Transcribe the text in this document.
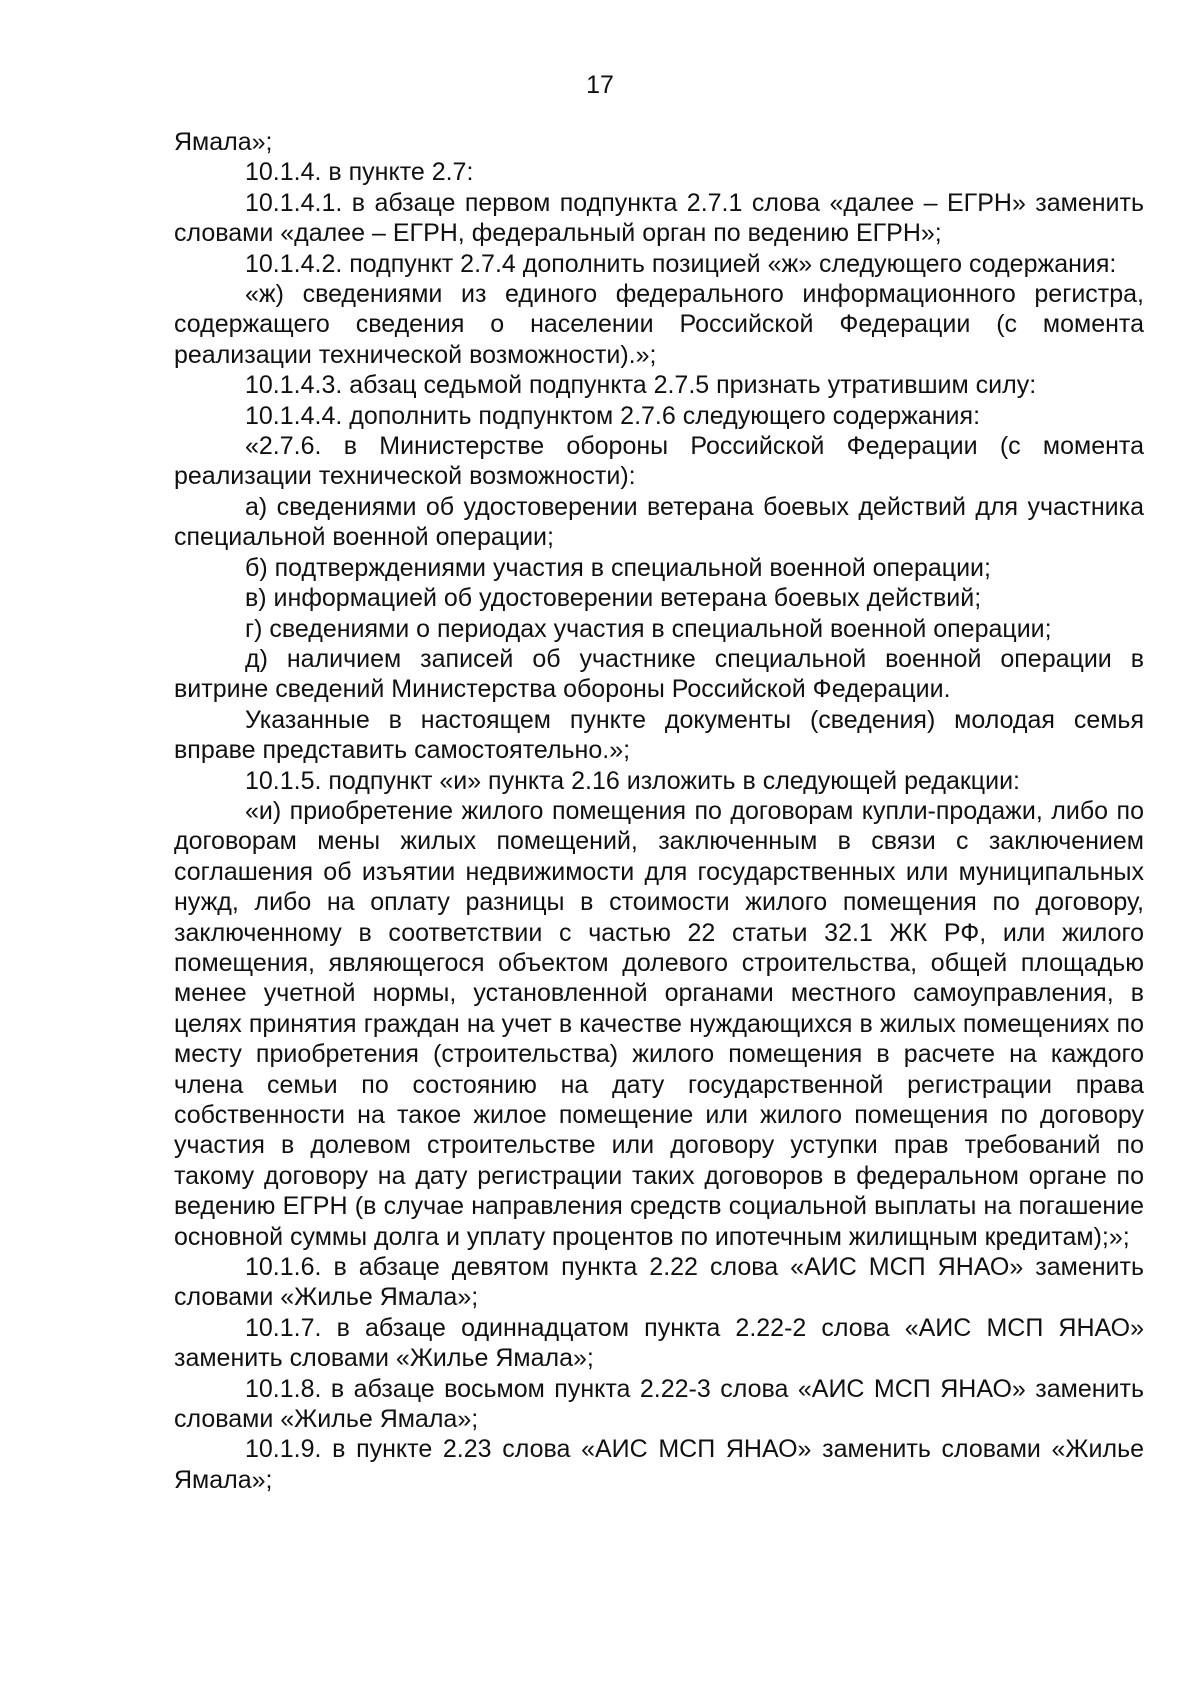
17

Ямала»;

10.1.4. в пункте 2.7:

10.1.4.1. в абзаце первом подпункта 2.7.1 слова «далее – ЕГРН» заменить словами «далее – ЕГРН, федеральный орган по ведению ЕГРН»;

10.1.4.2. подпункт 2.7.4 дополнить позицией «ж» следующего содержания:

«ж) сведениями из единого федерального информационного регистра, содержащего сведения о населении Российской Федерации (с момента реализации технической возможности).»;

10.1.4.3. абзац седьмой подпункта 2.7.5 признать утратившим силу:

10.1.4.4. дополнить подпунктом 2.7.6 следующего содержания:

«2.7.6. в Министерстве обороны Российской Федерации (с момента реализации технической возможности):

а) сведениями об удостоверении ветерана боевых действий для участника специальной военной операции;

б) подтверждениями участия в специальной военной операции;

в) информацией об удостоверении ветерана боевых действий;

г) сведениями о периодах участия в специальной военной операции;

д) наличием записей об участнике специальной военной операции в витрине сведений Министерства обороны Российской Федерации.

Указанные в настоящем пункте документы (сведения) молодая семья вправе представить самостоятельно.»;

10.1.5. подпункт «и» пункта 2.16 изложить в следующей редакции:

«и) приобретение жилого помещения по договорам купли-продажи, либо по договорам мены жилых помещений, заключенным в связи с заключением соглашения об изъятии недвижимости для государственных или муниципальных нужд, либо на оплату разницы в стоимости жилого помещения по договору, заключенному в соответствии с частью 22 статьи 32.1 ЖК РФ, или жилого помещения, являющегося объектом долевого строительства, общей площадью менее учетной нормы, установленной органами местного самоуправления, в целях принятия граждан на учет в качестве нуждающихся в жилых помещениях по месту приобретения (строительства) жилого помещения в расчете на каждого члена семьи по состоянию на дату государственной регистрации права собственности на такое жилое помещение или жилого помещения по договору участия в долевом строительстве или договору уступки прав требований по такому договору на дату регистрации таких договоров в федеральном органе по ведению ЕГРН (в случае направления средств социальной выплаты на погашение основной суммы долга и уплату процентов по ипотечным жилищным кредитам);»;

10.1.6. в абзаце девятом пункта 2.22 слова «АИС МСП ЯНАО» заменить словами «Жилье Ямала»;

10.1.7. в абзаце одиннадцатом пункта 2.22-2 слова «АИС МСП ЯНАО» заменить словами «Жилье Ямала»;

10.1.8. в абзаце восьмом пункта 2.22-3 слова «АИС МСП ЯНАО» заменить словами «Жилье Ямала»;

10.1.9. в пункте 2.23 слова «АИС МСП ЯНАО» заменить словами «Жилье Ямала»;
